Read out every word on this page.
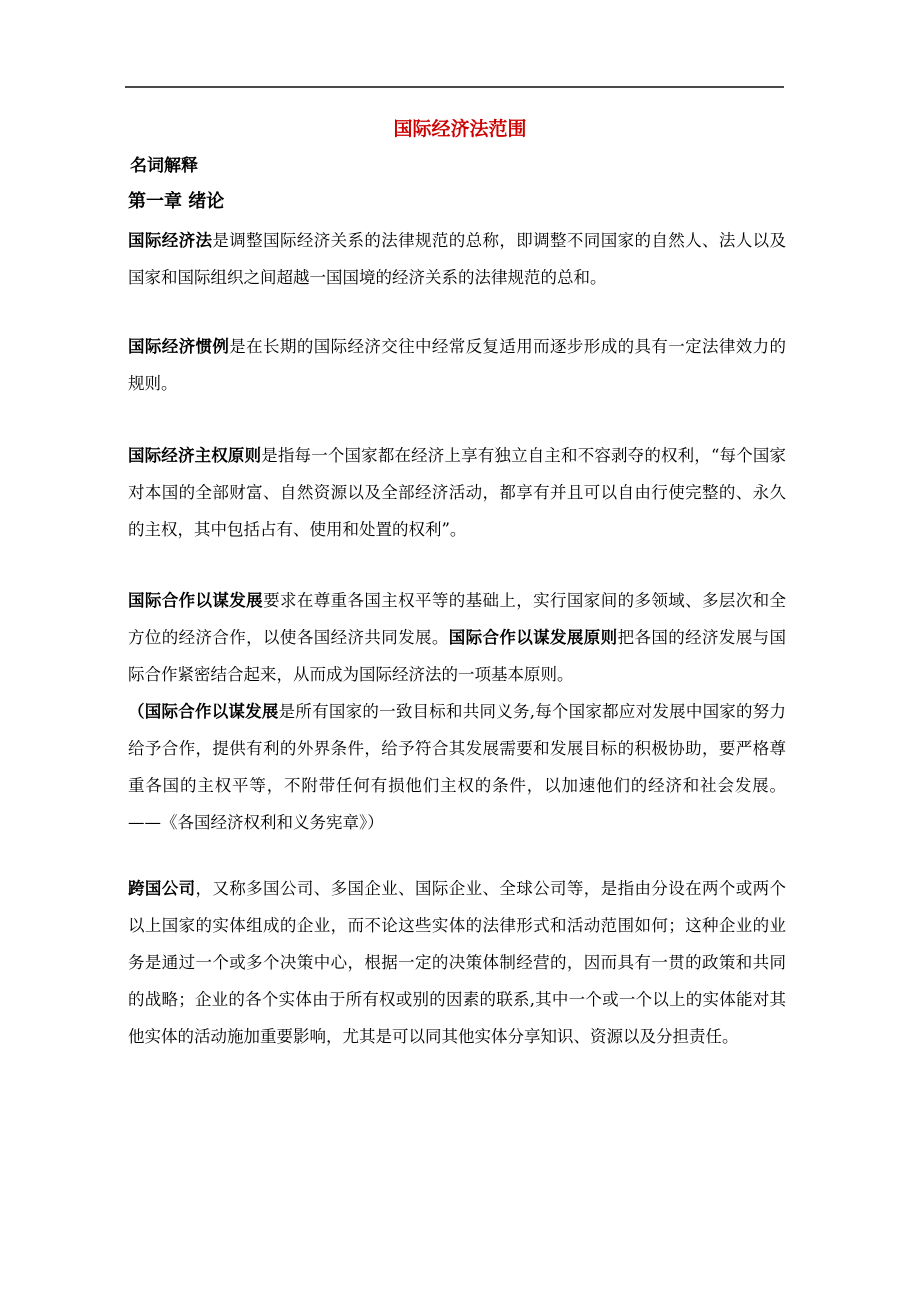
国际经济法范围
名词解释
第一章 绪论

国际经济法是调整国际经济关系的法律规范的总称，即调整不同国家的自然人、法人以及国家和国际组织之间超越一国国境的经济关系的法律规范的总和。

国际经济惯例是在长期的国际经济交往中经常反复适用而逐步形成的具有一定法律效力的规则。

国际经济主权原则是指每一个国家都在经济上享有独立自主和不容剥夺的权利，“每个国家对本国的全部财富、自然资源以及全部经济活动，都享有并且可以自由行使完整的、永久的主权，其中包括占有、使用和处置的权利”。

国际合作以谋发展要求在尊重各国主权平等的基础上，实行国家间的多领域、多层次和全方位的经济合作，以使各国经济共同发展。国际合作以谋发展原则把各国的经济发展与国际合作紧密结合起来，从而成为国际经济法的一项基本原则。

（国际合作以谋发展是所有国家的一致目标和共同义务,每个国家都应对发展中国家的努力给予合作，提供有利的外界条件，给予符合其发展需要和发展目标的积极协助，要严格尊重各国的主权平等，不附带任何有损他们主权的条件，以加速他们的经济和社会发展。——《各国经济权利和义务宪章》）

跨国公司，又称多国公司、多国企业、国际企业、全球公司等，是指由分设在两个或两个以上国家的实体组成的企业，而不论这些实体的法律形式和活动范围如何；这种企业的业务是通过一个或多个决策中心，根据一定的决策体制经营的，因而具有一贯的政策和共同的战略；企业的各个实体由于所有权或别的因素的联系,其中一个或一个以上的实体能对其他实体的活动施加重要影响，尤其是可以同其他实体分享知识、资源以及分担责任。
